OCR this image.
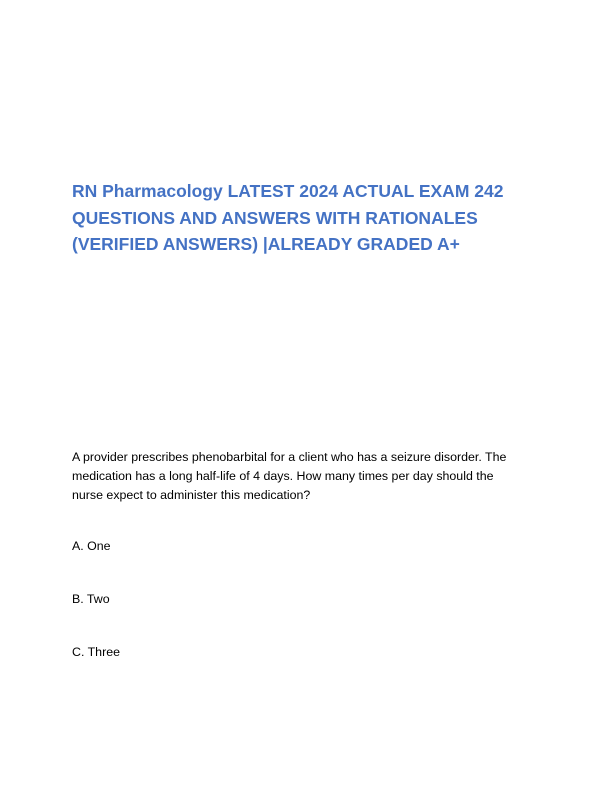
RN Pharmacology LATEST 2024 ACTUAL EXAM 242
QUESTIONS AND ANSWERS WITH RATIONALES
(VERIFIED ANSWERS) |ALREADY GRADED A+
A provider prescribes phenobarbital for a client who has a seizure disorder. The
medication has a long half-life of 4 days. How many times per day should the
nurse expect to administer this medication?
A. One
B. Two
C. Three
